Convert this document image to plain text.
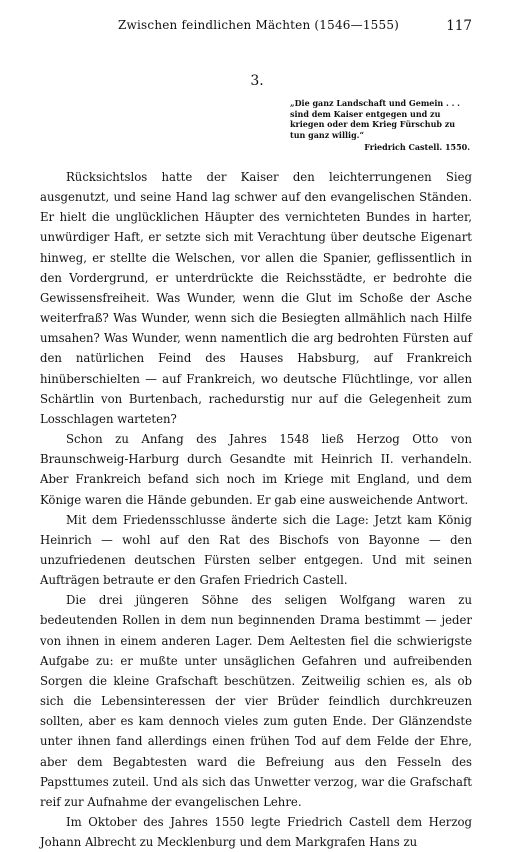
Zwischen feindlichen Mächten (1546—1555)	117
3.
„Die ganz Landschaft und Gemein . . . sind dem Kaiser entgegen und zu kriegen oder dem Krieg Fürschub zu tun ganz willig.“
Friedrich Castell. 1550.

Rücksichtslos hatte der Kaiser den leichterrungenen Sieg ausgenutzt, und seine Hand lag schwer auf den evangelischen Ständen. Er hielt die unglücklichen Häupter des vernichteten Bundes in harter, unwürdiger Haft, er setzte sich mit Verachtung über deutsche Eigenart hinweg, er stellte die Welschen, vor allen die Spanier, geflissentlich in den Vordergrund, er unterdrückte die Reichsstädte, er bedrohte die Gewissensfreiheit. Was Wunder, wenn die Glut im Schoße der Asche weiterfraß? Was Wunder, wenn sich die Besiegten allmählich nach Hilfe umsahen? Was Wunder, wenn namentlich die arg bedrohten Fürsten auf den natürlichen Feind des Hauses Habsburg, auf Frankreich hinüberschielten — auf Frankreich, wo deutsche Flüchtlinge, vor allen Schärtlin von Burtenbach, rachedurstig nur auf die Gelegenheit zum Losschlagen warteten?

Schon zu Anfang des Jahres 1548 ließ Herzog Otto von Braunschweig-Harburg durch Gesandte mit Heinrich II. verhandeln. Aber Frankreich befand sich noch im Kriege mit England, und dem Könige waren die Hände gebunden. Er gab eine ausweichende Antwort.

Mit dem Friedensschlusse änderte sich die Lage: Jetzt kam König Heinrich — wohl auf den Rat des Bischofs von Bayonne — den unzufriedenen deutschen Fürsten selber entgegen. Und mit seinen Aufträgen betraute er den Grafen Friedrich Castell.

Die drei jüngeren Söhne des seligen Wolfgang waren zu bedeutenden Rollen in dem nun beginnenden Drama bestimmt — jeder von ihnen in einem anderen Lager. Dem Aeltesten fiel die schwierigste Aufgabe zu: er mußte unter unsäglichen Gefahren und aufreibenden Sorgen die kleine Grafschaft beschützen. Zeitweilig schien es, als ob sich die Lebensinteressen der vier Brüder feindlich durchkreuzen sollten, aber es kam dennoch vieles zum guten Ende. Der Glänzendste unter ihnen fand allerdings einen frühen Tod auf dem Felde der Ehre, aber dem Begabtesten ward die Befreiung aus den Fesseln des Papsttumes zuteil. Und als sich das Unwetter verzog, war die Grafschaft reif zur Aufnahme der evangelischen Lehre.

Im Oktober des Jahres 1550 legte Friedrich Castell dem Herzog Johann Albrecht zu Mecklenburg und dem Markgrafen Hans zu
